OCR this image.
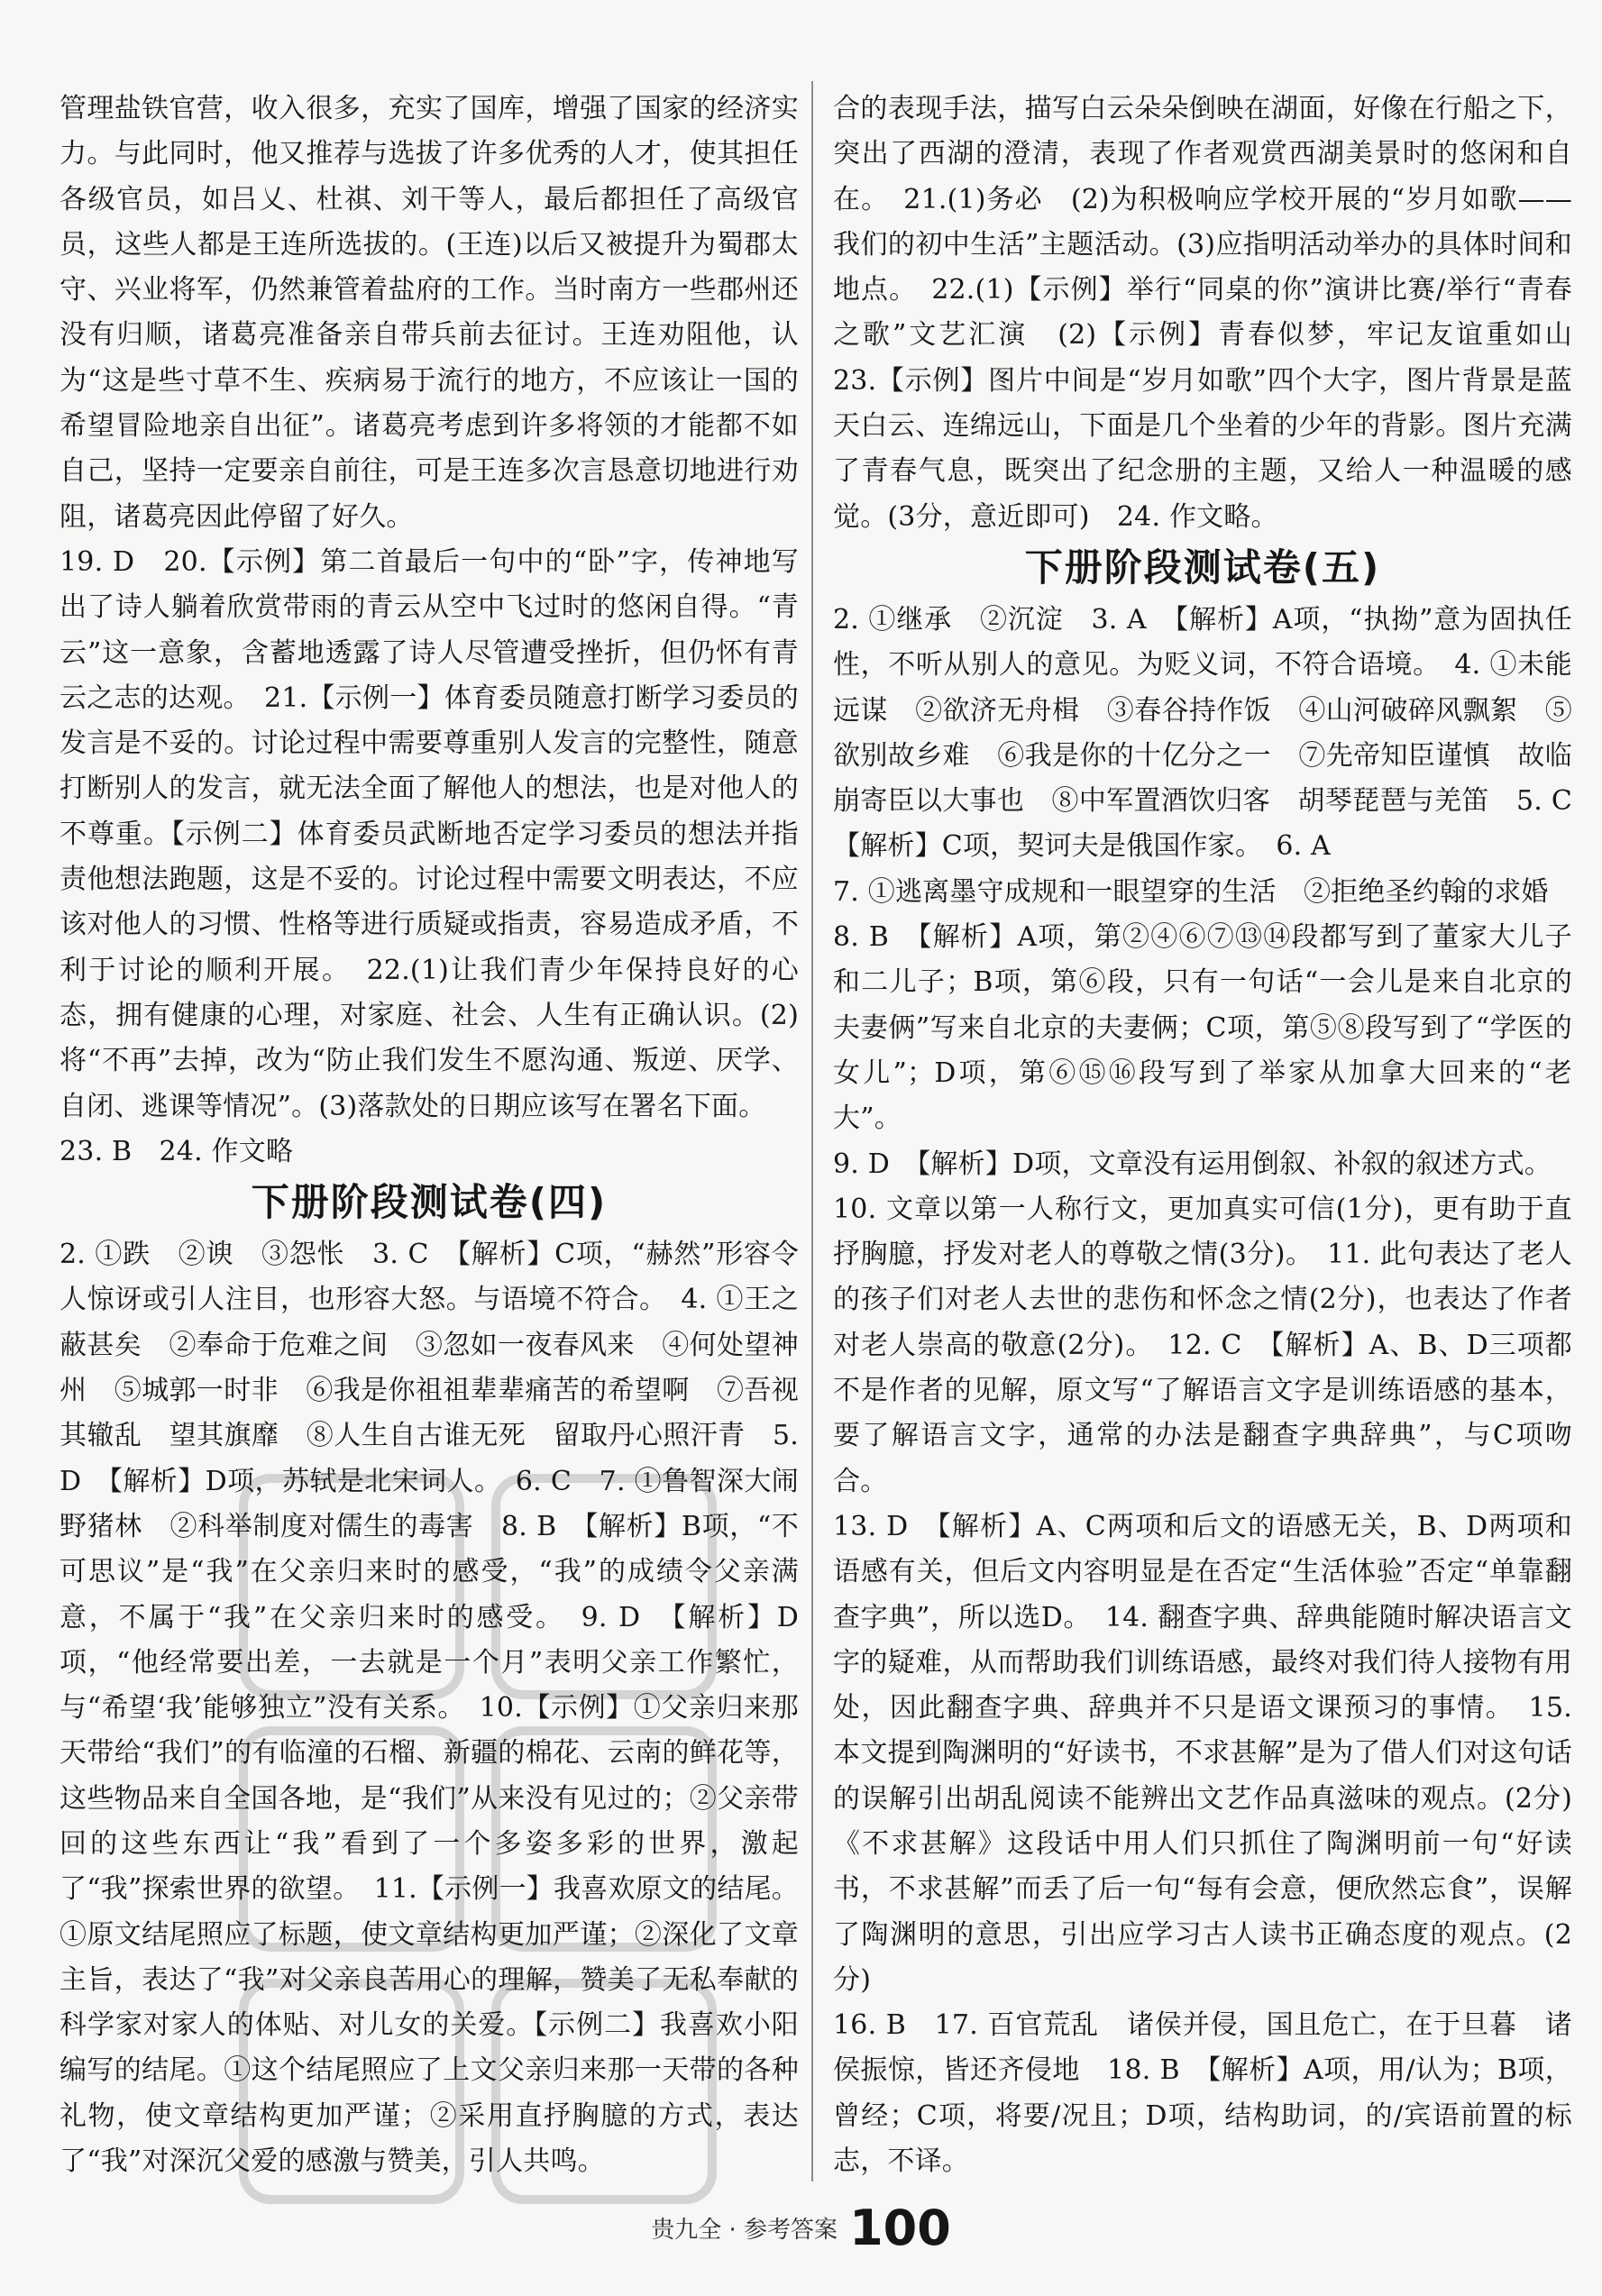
管理盐铁官营，收入很多，充实了国库，增强了国家的经济实力。与此同时，他又推荐与选拔了许多优秀的人才，使其担任各级官员，如吕乂、杜祺、刘干等人，最后都担任了高级官员，这些人都是王连所选拔的。(王连)以后又被提升为蜀郡太守、兴业将军，仍然兼管着盐府的工作。当时南方一些郡州还没有归顺，诸葛亮准备亲自带兵前去征讨。王连劝阻他，认为“这是些寸草不生、疾病易于流行的地方，不应该让一国的希望冒险地亲自出征”。诸葛亮考虑到许多将领的才能都不如自己，坚持一定要亲自前往，可是王连多次言恳意切地进行劝阻，诸葛亮因此停留了好久。

19. D　20.【示例】第二首最后一句中的“卧”字，传神地写出了诗人躺着欣赏带雨的青云从空中飞过时的悠闲自得。“青云”这一意象，含蓄地透露了诗人尽管遭受挫折，但仍怀有青云之志的达观。　21.【示例一】体育委员随意打断学习委员的发言是不妥的。讨论过程中需要尊重别人发言的完整性，随意打断别人的发言，就无法全面了解他人的想法，也是对他人的不尊重。【示例二】体育委员武断地否定学习委员的想法并指责他想法跑题，这是不妥的。讨论过程中需要文明表达，不应该对他人的习惯、性格等进行质疑或指责，容易造成矛盾，不利于讨论的顺利开展。　22.(1)让我们青少年保持良好的心态，拥有健康的心理，对家庭、社会、人生有正确认识。(2)将“不再”去掉，改为“防止我们发生不愿沟通、叛逆、厌学、自闭、逃课等情况”。(3)落款处的日期应该写在署名下面。

23. B　24. 作文略

下册阶段测试卷(四)

2. ①跌　②谀　③怨怅　3. C　【解析】C项，“赫然”形容令人惊讶或引人注目，也形容大怒。与语境不符合。　4. ①王之蔽甚矣　②奉命于危难之间　③忽如一夜春风来　④何处望神州　⑤城郭一时非　⑥我是你祖祖辈辈痛苦的希望啊　⑦吾视其辙乱　望其旗靡　⑧人生自古谁无死　留取丹心照汗青　5. D　【解析】D项，苏轼是北宋词人。　6. C　7. ①鲁智深大闹野猪林　②科举制度对儒生的毒害　8. B　【解析】B项，“不可思议”是“我”在父亲归来时的感受，“我”的成绩令父亲满意，不属于“我”在父亲归来时的感受。　9. D　【解析】D项，“他经常要出差，一去就是一个月”表明父亲工作繁忙，与“希望‘我’能够独立”没有关系。　10.【示例】①父亲归来那天带给“我们”的有临潼的石榴、新疆的棉花、云南的鲜花等，这些物品来自全国各地，是“我们”从来没有见过的；②父亲带回的这些东西让“我”看到了一个多姿多彩的世界，激起了“我”探索世界的欲望。　11.【示例一】我喜欢原文的结尾。①原文结尾照应了标题，使文章结构更加严谨；②深化了文章主旨，表达了“我”对父亲良苦用心的理解，赞美了无私奉献的科学家对家人的体贴、对儿女的关爱。【示例二】我喜欢小阳编写的结尾。①这个结尾照应了上文父亲归来那一天带的各种礼物，使文章结构更加严谨；②采用直抒胸臆的方式，表达了“我”对深沉父爱的感激与赞美，引人共鸣。

合的表现手法，描写白云朵朵倒映在湖面，好像在行船之下，突出了西湖的澄清，表现了作者观赏西湖美景时的悠闲和自在。　21.(1)务必　(2)为积极响应学校开展的“岁月如歌——我们的初中生活”主题活动。(3)应指明活动举办的具体时间和地点。　22.(1)【示例】举行“同桌的你”演讲比赛/举行“青春之歌”文艺汇演　(2)【示例】青春似梦，牢记友谊重如山　23.【示例】图片中间是“岁月如歌”四个大字，图片背景是蓝天白云、连绵远山，下面是几个坐着的少年的背影。图片充满了青春气息，既突出了纪念册的主题，又给人一种温暖的感觉。(3分，意近即可)　24. 作文略。

下册阶段测试卷(五)

2. ①继承　②沉淀　3. A　【解析】A项，“执拗”意为固执任性，不听从别人的意见。为贬义词，不符合语境。　4. ①未能远谋　②欲济无舟楫　③春谷持作饭　④山河破碎风飘絮　⑤欲别故乡难　⑥我是你的十亿分之一　⑦先帝知臣谨慎　故临崩寄臣以大事也　⑧中军置酒饮归客　胡琴琵琶与羌笛　5. C　【解析】C项，契诃夫是俄国作家。　6. A

7. ①逃离墨守成规和一眼望穿的生活　②拒绝圣约翰的求婚

8. B　【解析】A项，第②④⑥⑦⑬⑭段都写到了董家大儿子和二儿子；B项，第⑥段，只有一句话“一会儿是来自北京的夫妻俩”写来自北京的夫妻俩；C项，第⑤⑧段写到了“学医的女儿”；D项，第⑥⑮⑯段写到了举家从加拿大回来的“老大”。

9. D　【解析】D项，文章没有运用倒叙、补叙的叙述方式。

10. 文章以第一人称行文，更加真实可信(1分)，更有助于直抒胸臆，抒发对老人的尊敬之情(3分)。　11. 此句表达了老人的孩子们对老人去世的悲伤和怀念之情(2分)，也表达了作者对老人崇高的敬意(2分)。　12. C　【解析】A、B、D三项都不是作者的见解，原文写“了解语言文字是训练语感的基本，要了解语言文字，通常的办法是翻查字典辞典”，与C项吻合。

13. D　【解析】A、C两项和后文的语感无关，B、D两项和语感有关，但后文内容明显是在否定“生活体验”否定“单靠翻查字典”，所以选D。　14. 翻查字典、辞典能随时解决语言文字的疑难，从而帮助我们训练语感，最终对我们待人接物有用处，因此翻查字典、辞典并不只是语文课预习的事情。　15. 本文提到陶渊明的“好读书，不求甚解”是为了借人们对这句话的误解引出胡乱阅读不能辨出文艺作品真滋味的观点。(2分)《不求甚解》这段话中用人们只抓住了陶渊明前一句“好读书，不求甚解”而丢了后一句“每有会意，便欣然忘食”，误解了陶渊明的意思，引出应学习古人读书正确态度的观点。(2分)

16. B　17. 百官荒乱　诸侯并侵，国且危亡，在于旦暮　诸侯振惊，皆还齐侵地　18. B　【解析】A项，用/认为；B项，曾经；C项，将要/况且；D项，结构助词，的/宾语前置的标志，不译。

贵九全 · 参考答案 100
